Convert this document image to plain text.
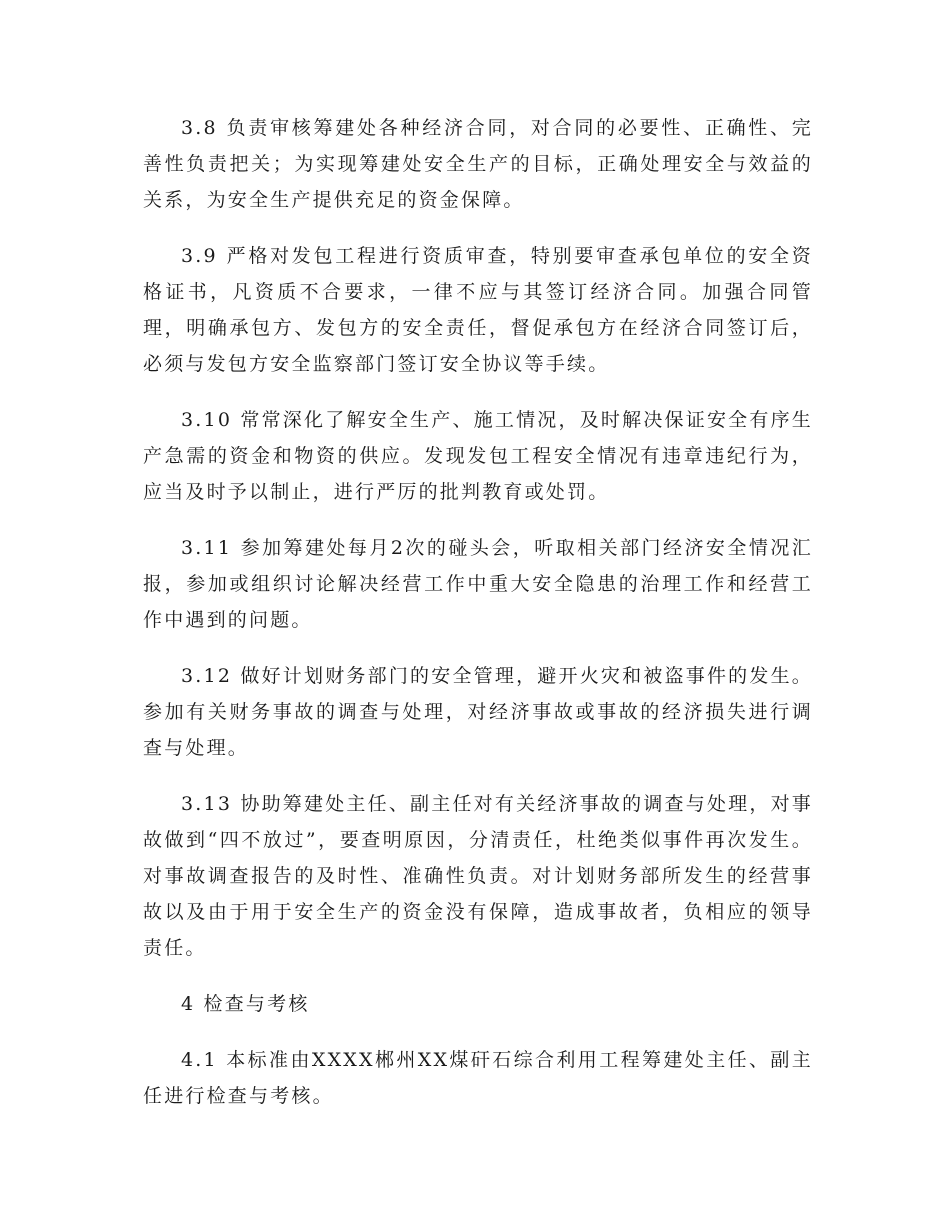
3.8 负责审核筹建处各种经济合同，对合同的必要性、正确性、完善性负责把关；为实现筹建处安全生产的目标，正确处理安全与效益的关系，为安全生产提供充足的资金保障。

3.9 严格对发包工程进行资质审查，特别要审查承包单位的安全资格证书，凡资质不合要求，一律不应与其签订经济合同。加强合同管理，明确承包方、发包方的安全责任，督促承包方在经济合同签订后，必须与发包方安全监察部门签订安全协议等手续。

3.10 常常深化了解安全生产、施工情况，及时解决保证安全有序生产急需的资金和物资的供应。发现发包工程安全情况有违章违纪行为，应当及时予以制止，进行严厉的批判教育或处罚。

3.11 参加筹建处每月2次的碰头会，听取相关部门经济安全情况汇报，参加或组织讨论解决经营工作中重大安全隐患的治理工作和经营工作中遇到的问题。

3.12 做好计划财务部门的安全管理，避开火灾和被盗事件的发生。参加有关财务事故的调查与处理，对经济事故或事故的经济损失进行调查与处理。

3.13 协助筹建处主任、副主任对有关经济事故的调查与处理，对事故做到“四不放过”，要查明原因，分清责任，杜绝类似事件再次发生。对事故调查报告的及时性、准确性负责。对计划财务部所发生的经营事故以及由于用于安全生产的资金没有保障，造成事故者，负相应的领导责任。

4 检查与考核

4.1 本标准由XXXX郴州XX煤矸石综合利用工程筹建处主任、副主任进行检查与考核。
